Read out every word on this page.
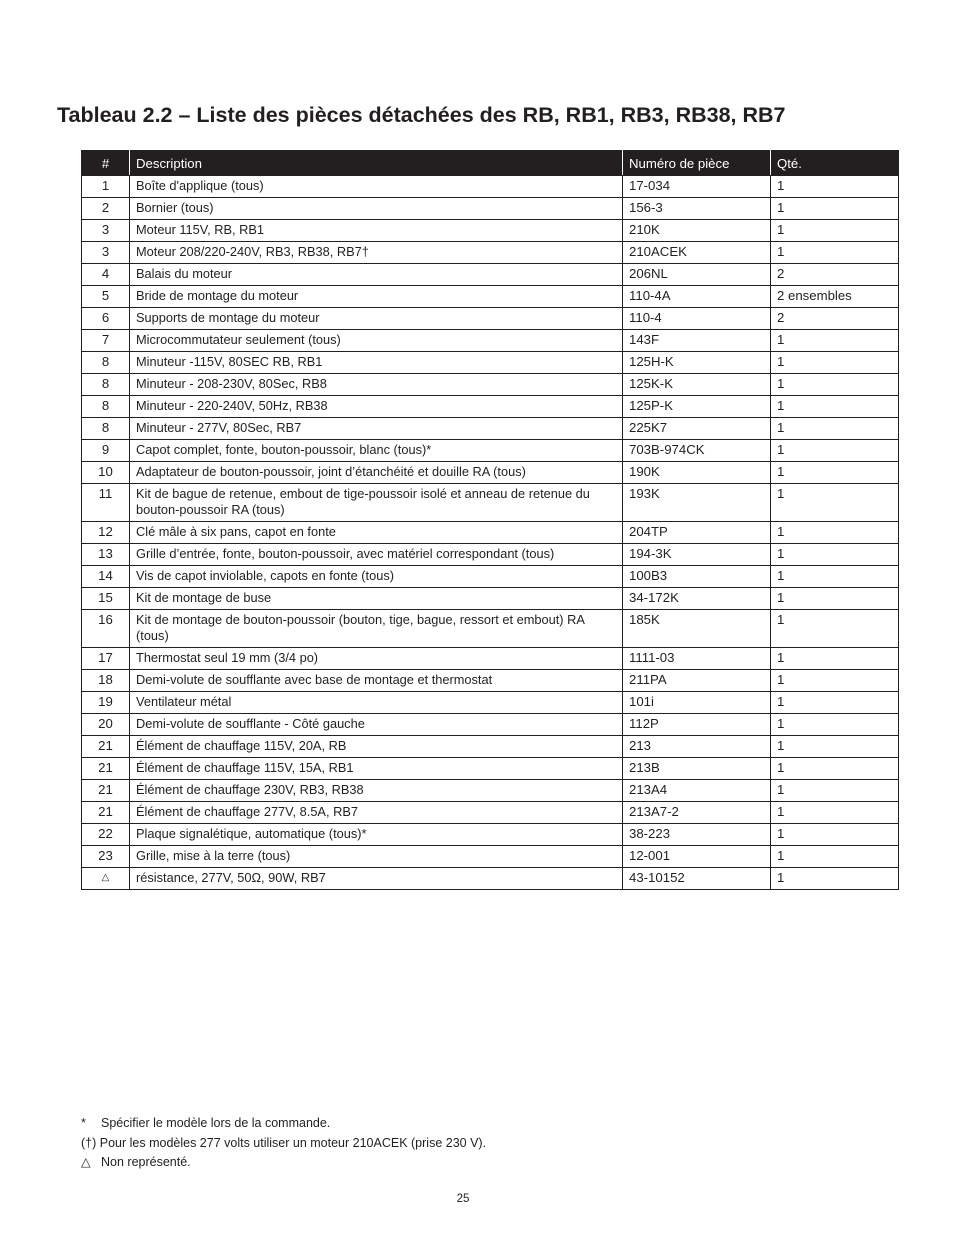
Tableau 2.2 – Liste des pièces détachées des RB, RB1, RB3, RB38, RB7
#	Description	Numéro de pièce	Qté.
1	Boîte d'applique (tous)	17-034	1
2	Bornier (tous)	156-3	1
3	Moteur 115V, RB, RB1	210K	1
3	Moteur 208/220-240V, RB3, RB38, RB7†	210ACEK	1
4	Balais du moteur	206NL	2
5	Bride de montage du moteur	110-4A	2 ensembles
6	Supports de montage du moteur	110-4	2
7	Microcommutateur seulement (tous)	143F	1
8	Minuteur -115V, 80SEC RB, RB1	125H-K	1
8	Minuteur - 208-230V, 80Sec, RB8	125K-K	1
8	Minuteur - 220-240V, 50Hz, RB38	125P-K	1
8	Minuteur - 277V, 80Sec, RB7	225K7	1
9	Capot complet, fonte, bouton-poussoir, blanc (tous)*	703B-974CK	1
10	Adaptateur de bouton-poussoir, joint d’étanchéité et douille RA (tous)	190K	1
11	Kit de bague de retenue, embout de tige-poussoir isolé et anneau de retenue du bouton-poussoir RA (tous)	193K	1
12	Clé mâle à six pans, capot en fonte	204TP	1
13	Grille d’entrée, fonte, bouton-poussoir, avec matériel correspondant (tous)	194-3K	1
14	Vis de capot inviolable, capots en fonte (tous)	100B3	1
15	Kit de montage de buse	34-172K	1
16	Kit de montage de bouton-poussoir (bouton, tige, bague, ressort et embout) RA (tous)	185K	1
17	Thermostat seul 19 mm (3/4 po)	1111-03	1
18	Demi-volute de soufflante avec base de montage et thermostat	211PA	1
19	Ventilateur métal	101i	1
20	Demi-volute de soufflante - Côté gauche	112P	1
21	Élément de chauffage 115V, 20A, RB	213	1
21	Élément de chauffage 115V, 15A, RB1	213B	1
21	Élément de chauffage 230V, RB3, RB38	213A4	1
21	Élément de chauffage 277V, 8.5A, RB7	213A7-2	1
22	Plaque signalétique, automatique (tous)*	38-223	1
23	Grille, mise à la terre (tous)	12-001	1
△	résistance, 277V, 50Ω, 90W, RB7	43-10152	1
*	Spécifier le modèle lors de la commande.
(†) Pour les modèles 277 volts utiliser un moteur 210ACEK (prise 230 V).
△ Non représenté.
25
